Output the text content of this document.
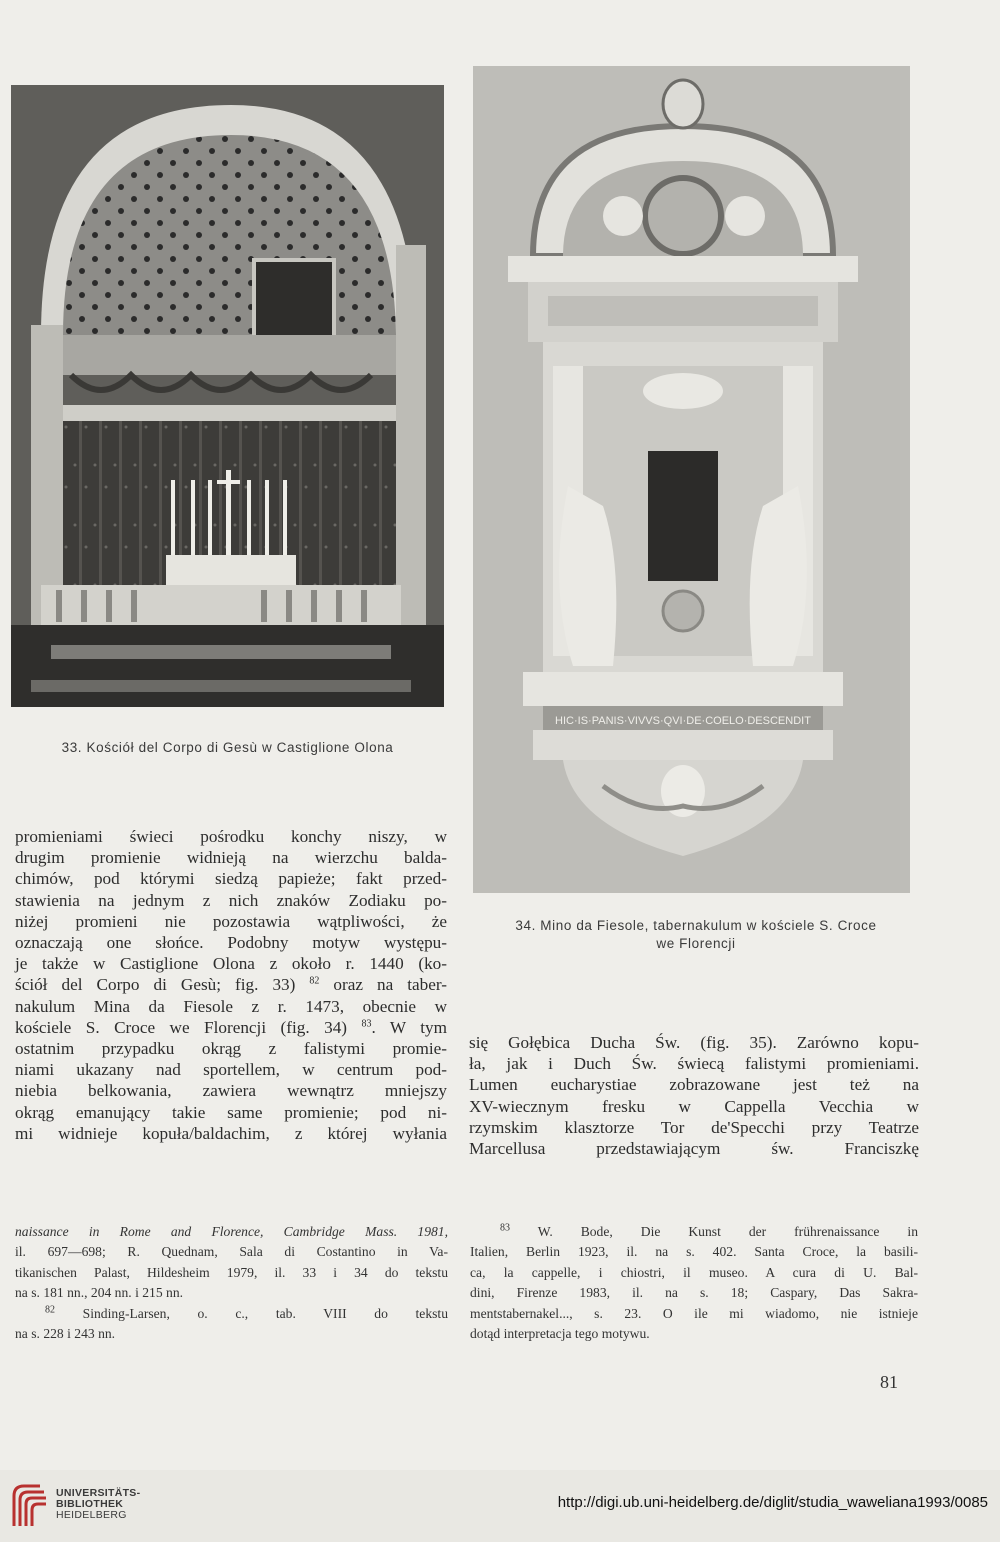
33. Kościół del Corpo di Gesù w Castiglione Olona
HIC·IS·PANIS·VIVVS·QVI·DE·COELO·DESCENDIT
34. Mino da Fiesole, tabernakulum w kościele S. Croce
we Florencji
promieniami świeci pośrodku konchy niszy, w
drugim promienie widnieją na wierzchu balda-
chimów, pod którymi siedzą papieże; fakt przed-
stawienia na jednym z nich znaków Zodiaku po-
niżej promieni nie pozostawia wątpliwości, że
oznaczają one słońce. Podobny motyw występu-
je także w Castiglione Olona z około r. 1440 (ko-
ściół del Corpo di Gesù; fig. 33) $^{82}$ oraz na taber-
nakulum Mina da Fiesole z r. 1473, obecnie w
kościele S. Croce we Florencji (fig. 34) $^{83}$. W tym
ostatnim przypadku okrąg z falistymi promie-
niami ukazany nad sportellem, w centrum pod-
niebia belkowania, zawiera wewnątrz mniejszy
okrąg emanujący takie same promienie; pod ni-
mi widnieje kopuła/baldachim, z której wyłania
się Gołębica Ducha Św. (fig. 35). Zarówno kopu-
ła, jak i Duch Św. świecą falistymi promieniami.
Lumen eucharystiae zobrazowane jest też na
XV-wiecznym fresku w Cappella Vecchia w
rzymskim klasztorze Tor de'Specchi przy Teatrze
Marcellusa przedstawiającym św. Franciszkę
naissance in Rome and Florence, Cambridge Mass. 1981,
il. 697—698; R. Quednam, Sala di Costantino in Va-
tikanischen Palast, Hildesheim 1979, il. 33 i 34 do tekstu
na s. 181 nn., 204 nn. i 215 nn.
$^{82}$ Sinding-Larsen, o. c., tab. VIII do tekstu
na s. 228 i 243 nn.
$^{83}$ W. Bode, Die Kunst der frührenaissance in
Italien, Berlin 1923, il. na s. 402. Santa Croce, la basili-
ca, la cappelle, i chiostri, il museo. A cura di U. Bal-
dini, Firenze 1983, il. na s. 18; Caspary, Das Sakra-
mentstabernakel..., s. 23. O ile mi wiadomo, nie istnieje
dotąd interpretacja tego motywu.
81
UNIVERSITÄTS-
BIBLIOTHEK
HEIDELBERG
http://digi.ub.uni-heidelberg.de/diglit/studia_waweliana1993/0085
